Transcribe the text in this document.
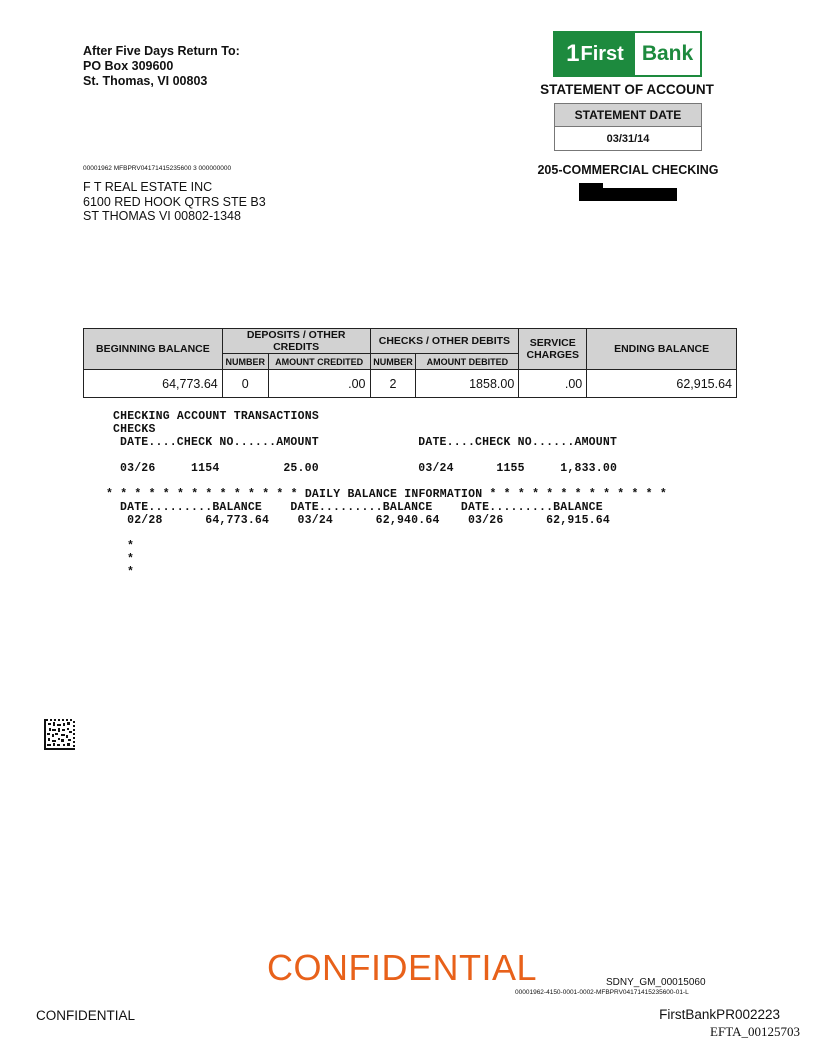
After Five Days Return To:
PO Box 309600
St. Thomas, VI 00803
1 First Bank
STATEMENT OF ACCOUNT
STATEMENT DATE
03/31/14
205-COMMERCIAL CHECKING
00001962 MFBPRV04171415235600 3 000000000
F T REAL ESTATE INC
6100 RED HOOK QTRS STE B3
ST THOMAS VI 00802-1348
BEGINNING BALANCE	DEPOSITS / OTHER CREDITS		CHECKS / OTHER DEBITS		SERVICE
CHARGES	ENDING BALANCE
	NUMBER	AMOUNT CREDITED	NUMBER	AMOUNT DEBITED		
64,773.64	0	.00	2	1858.00	.00	62,915.64
CHECKING ACCOUNT TRANSACTIONS
CHECKS
DATE....CHECK NO......AMOUNT              DATE....CHECK NO......AMOUNT
03/26     1154         25.00              03/24      1155     1,833.00
* * * * * * * * * * * * * * DAILY BALANCE INFORMATION * * * * * * * * * * * * *
DATE.........BALANCE    DATE.........BALANCE    DATE.........BALANCE
02/28      64,773.64    03/24      62,940.64    03/26      62,915.64
*
*
*
CONFIDENTIAL	SDNY_GM_00015060
00001962-4150-0001-0002-MFBPRV04171415235600-01-L
CONFIDENTIAL	FirstBankPR002223
EFTA_00125703
